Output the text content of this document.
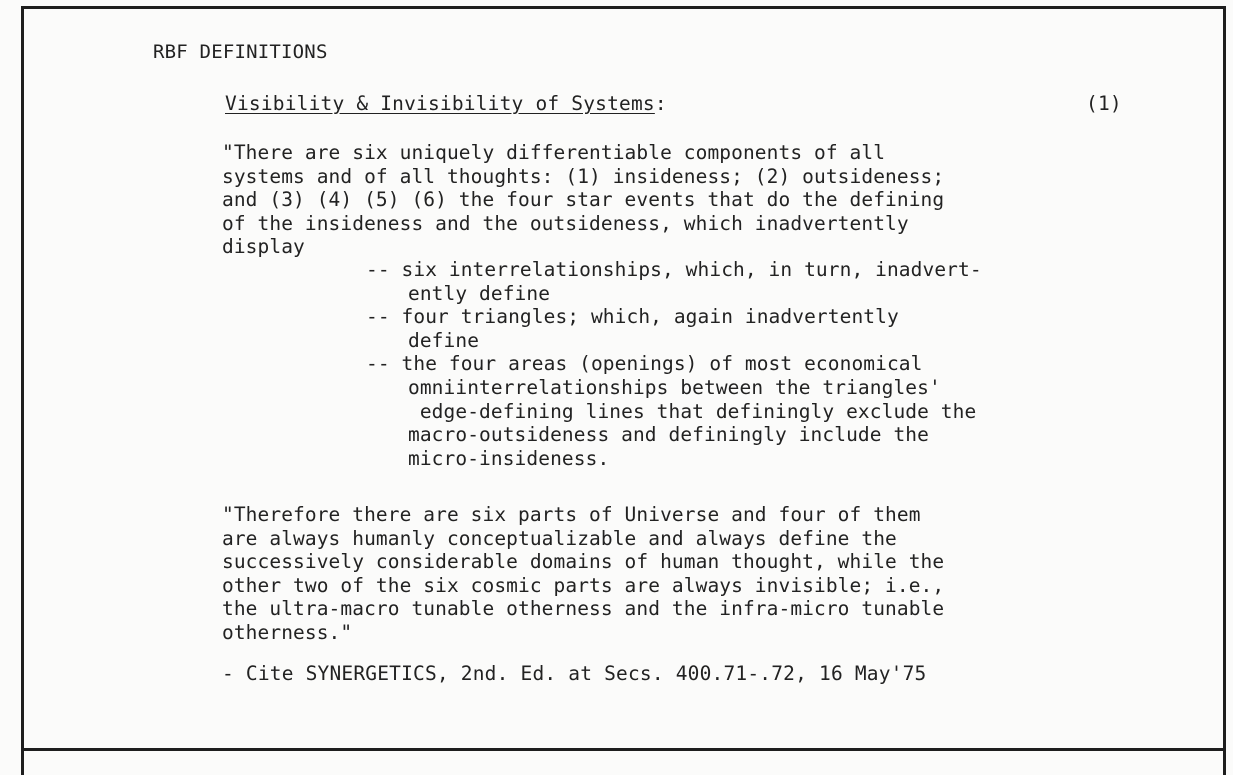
RBF DEFINITIONS
Visibility & Invisibility of Systems:	(1)
"There are six uniquely differentiable components of all
systems and of all thoughts: (1) insideness; (2) outsideness;
and (3) (4) (5) (6) the four star events that do the defining
of the insideness and the outsideness, which inadvertently
display
-- six interrelationships, which, in turn, inadvert-
ently define
-- four triangles; which, again inadvertently
define
-- the four areas (openings) of most economical
omniinterrelationships between the triangles'
edge-defining lines that definingly exclude the
macro-outsideness and definingly include the
micro-insideness.
"Therefore there are six parts of Universe and four of them
are always humanly conceptualizable and always define the
successively considerable domains of human thought, while the
other two of the six cosmic parts are always invisible; i.e.,
the ultra-macro tunable otherness and the infra-micro tunable
otherness."
- Cite SYNERGETICS, 2nd. Ed. at Secs. 400.71-.72, 16 May'75
